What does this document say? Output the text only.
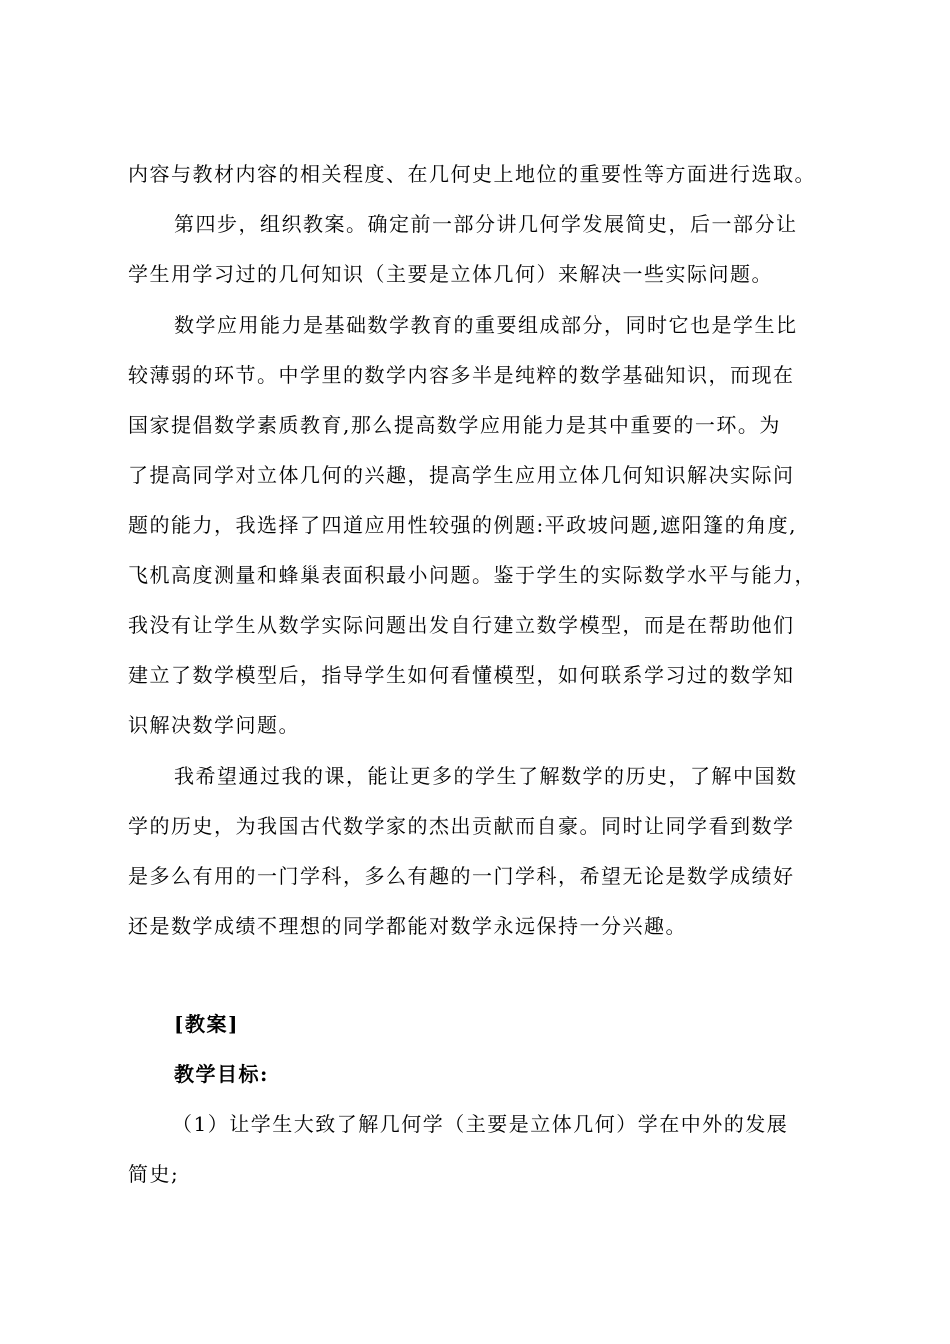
内容与教材内容的相关程度、在几何史上地位的重要性等方面进行选取。
第四步，组织教案。确定前一部分讲几何学发展简史，后一部分让
学生用学习过的几何知识（主要是立体几何）来解决一些实际问题。
数学应用能力是基础数学教育的重要组成部分，同时它也是学生比
较薄弱的环节。中学里的数学内容多半是纯粹的数学基础知识，而现在
国家提倡数学素质教育,那么提高数学应用能力是其中重要的一环。为
了提高同学对立体几何的兴趣，提高学生应用立体几何知识解决实际问
题的能力，我选择了四道应用性较强的例题:平政坡问题,遮阳篷的角度,
飞机高度测量和蜂巢表面积最小问题。鉴于学生的实际数学水平与能力，
我没有让学生从数学实际问题出发自行建立数学模型，而是在帮助他们
建立了数学模型后，指导学生如何看懂模型，如何联系学习过的数学知
识解决数学问题。
我希望通过我的课，能让更多的学生了解数学的历史，了解中国数
学的历史，为我国古代数学家的杰出贡献而自豪。同时让同学看到数学
是多么有用的一门学科，多么有趣的一门学科，希望无论是数学成绩好
还是数学成绩不理想的同学都能对数学永远保持一分兴趣。
[教案]
教学目标:
（1）让学生大致了解几何学（主要是立体几何）学在中外的发展
简史;
